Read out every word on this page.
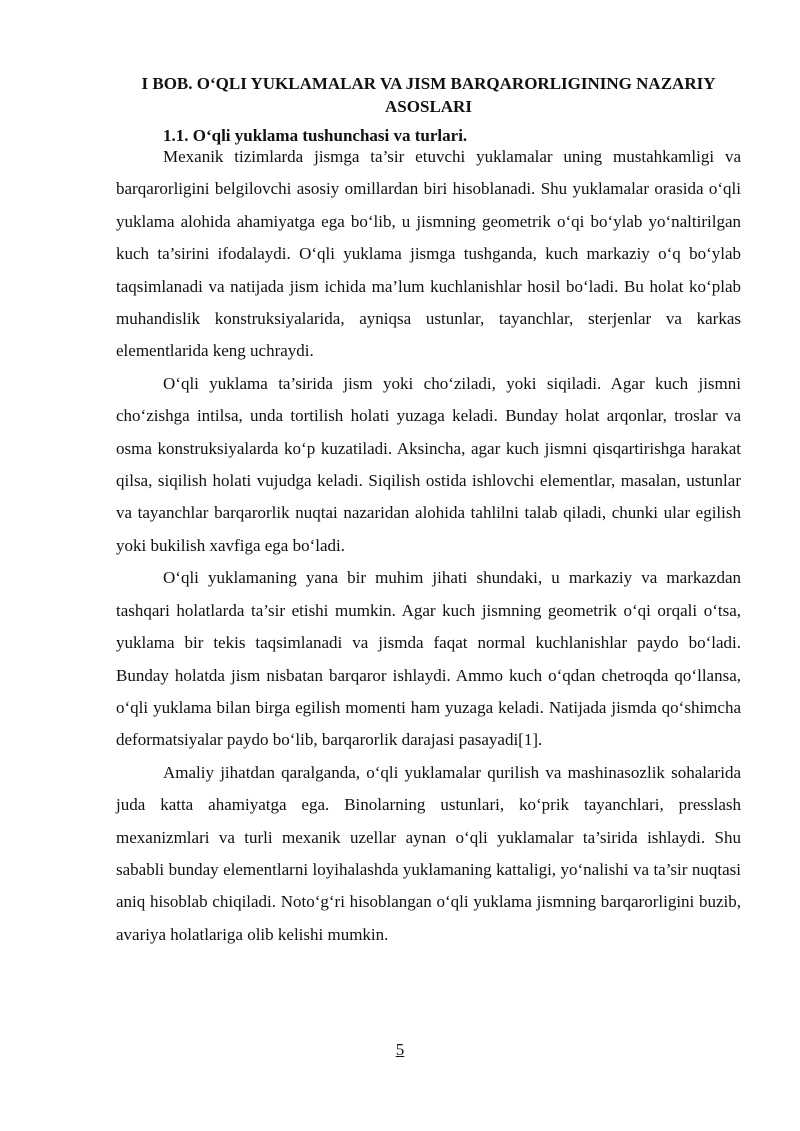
I BOB. O‘QLI YUKLAMALAR VA JISM BARQARORLIGINING NAZARIY ASOSLARI
1.1. O‘qli yuklama tushunchasi va turlari.

Mexanik tizimlarda jismga ta’sir etuvchi yuklamalar uning mustahkamligi va barqarorligini belgilovchi asosiy omillardan biri hisoblanadi. Shu yuklamalar orasida o‘qli yuklama alohida ahamiyatga ega bo‘lib, u jismning geometrik o‘qi bo‘ylab yo‘naltirilgan kuch ta’sirini ifodalaydi. O‘qli yuklama jismga tushganda, kuch markaziy o‘q bo‘ylab taqsimlanadi va natijada jism ichida ma’lum kuchlanishlar hosil bo‘ladi. Bu holat ko‘plab muhandislik konstruksiyalarida, ayniqsa ustunlar, tayanchlar, sterjenlar va karkas elementlarida keng uchraydi.

O‘qli yuklama ta’sirida jism yoki cho‘ziladi, yoki siqiladi. Agar kuch jismni cho‘zishga intilsa, unda tortilish holati yuzaga keladi. Bunday holat arqonlar, troslar va osma konstruksiyalarda ko‘p kuzatiladi. Aksincha, agar kuch jismni qisqartirishga harakat qilsa, siqilish holati vujudga keladi. Siqilish ostida ishlovchi elementlar, masalan, ustunlar va tayanchlar barqarorlik nuqtai nazaridan alohida tahlilni talab qiladi, chunki ular egilish yoki bukilish xavfiga ega bo‘ladi.

O‘qli yuklamaning yana bir muhim jihati shundaki, u markaziy va markazdan tashqari holatlarda ta’sir etishi mumkin. Agar kuch jismning geometrik o‘qi orqali o‘tsa, yuklama bir tekis taqsimlanadi va jismda faqat normal kuchlanishlar paydo bo‘ladi. Bunday holatda jism nisbatan barqaror ishlaydi. Ammo kuch o‘qdan chetroqda qo‘llansa, o‘qli yuklama bilan birga egilish momenti ham yuzaga keladi. Natijada jismda qo‘shimcha deformatsiyalar paydo bo‘lib, barqarorlik darajasi pasayadi[1].

Amaliy jihatdan qaralganda, o‘qli yuklamalar qurilish va mashinasozlik sohalarida juda katta ahamiyatga ega. Binolarning ustunlari, ko‘prik tayanchlari, presslash mexanizmlari va turli mexanik uzellar aynan o‘qli yuklamalar ta’sirida ishlaydi. Shu sababli bunday elementlarni loyihalashda yuklamaning kattaligi, yo‘nalishi va ta’sir nuqtasi aniq hisoblab chiqiladi. Noto‘g‘ri hisoblangan o‘qli yuklama jismning barqarorligini buzib, avariya holatlariga olib kelishi mumkin.

5
